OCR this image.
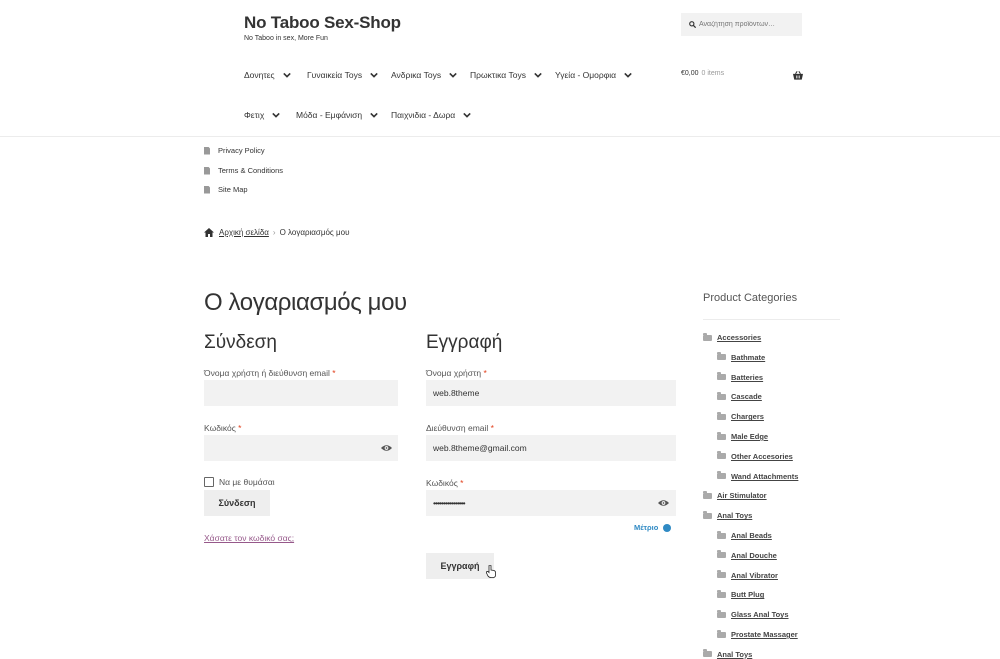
No Taboo Sex-Shop
No Taboo in sex, More Fun
Αναζήτηση προϊόντων…
Δονητες	Γυναικεία Toys	Ανδρικα Toys	Πρωκτικα Toys	Υγεία - Ομορφια
Φετιχ	Μόδα - Εμφάνιση	Παιχνιδια - Δωρα
€0,00 0 items
Privacy Policy
Terms & Conditions
Site Map
Αρχική σελίδα › Ο λογαριασμός μου
Ο λογαριασμός μου
Σύνδεση
Όνομα χρήστη ή διεύθυνση email *
Κωδικός *
Να με θυμάσαι
Σύνδεση
Χάσατε τον κωδικό σας;
Εγγραφή
Όνομα χρήστη *
web.8theme
Διεύθυνση email *
web.8theme@gmail.com
Κωδικός *
••••••••••••••••
Μέτριο
Εγγραφή
Product Categories
Accessories
Bathmate
Batteries
Cascade
Chargers
Male Edge
Other Accesories
Wand Attachments
Air Stimulator
Anal Toys
Anal Beads
Anal Douche
Anal Vibrator
Butt Plug
Glass Anal Toys
Prostate Massager
Anal Toys
